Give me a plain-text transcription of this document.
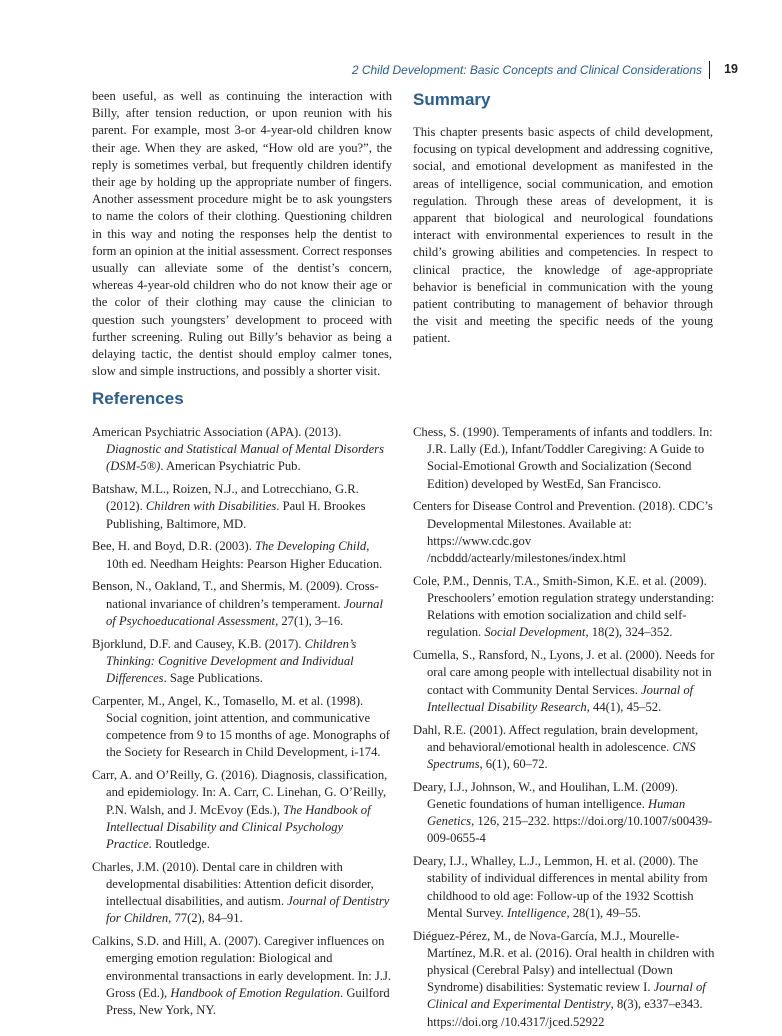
2 Child Development: Basic Concepts and Clinical Considerations 19

been useful, as well as continuing the interaction with Billy, after tension reduction, or upon reunion with his parent. For example, most 3-or 4-year-old children know their age. When they are asked, “How old are you?”, the reply is sometimes verbal, but frequently children identify their age by holding up the appropriate number of fingers. Another assessment procedure might be to ask youngsters to name the colors of their clothing. Questioning children in this way and noting the responses help the dentist to form an opinion at the initial assessment. Correct responses usually can alleviate some of the dentist’s concern, whereas 4-year-old children who do not know their age or the color of their clothing may cause the clinician to question such youngsters’ development to proceed with further screening. Ruling out Billy’s behavior as being a delaying tactic, the dentist should employ calmer tones, slow and simple instructions, and possibly a shorter visit.

Summary

This chapter presents basic aspects of child development, focusing on typical development and addressing cognitive, social, and emotional development as manifested in the areas of intelligence, social communication, and emotion regulation. Through these areas of development, it is apparent that biological and neurological foundations interact with environmental experiences to result in the child’s growing abilities and competencies. In respect to clinical practice, the knowledge of age-appropriate behavior is beneficial in communication with the young patient contributing to management of behavior through the visit and meeting the specific needs of the young patient.

References
American Psychiatric Association (APA). (2013). Diagnostic and Statistical Manual of Mental Disorders (DSM-5®). American Psychiatric Pub.
Batshaw, M.L., Roizen, N.J., and Lotrecchiano, G.R. (2012). Children with Disabilities. Paul H. Brookes Publishing, Baltimore, MD.
Bee, H. and Boyd, D.R. (2003). The Developing Child, 10th ed. Needham Heights: Pearson Higher Education.
Benson, N., Oakland, T., and Shermis, M. (2009). Cross-national invariance of children’s temperament. Journal of Psychoeducational Assessment, 27(1), 3–16.
Bjorklund, D.F. and Causey, K.B. (2017). Children’s Thinking: Cognitive Development and Individual Differences. Sage Publications.
Carpenter, M., Angel, K., Tomasello, M. et al. (1998). Social cognition, joint attention, and communicative competence from 9 to 15 months of age. Monographs of the Society for Research in Child Development, i-174.
Carr, A. and O’Reilly, G. (2016). Diagnosis, classification, and epidemiology. In: A. Carr, C. Linehan, G. O’Reilly, P.N. Walsh, and J. McEvoy (Eds.), The Handbook of Intellectual Disability and Clinical Psychology Practice. Routledge.
Charles, J.M. (2010). Dental care in children with developmental disabilities: Attention deficit disorder, intellectual disabilities, and autism. Journal of Dentistry for Children, 77(2), 84–91.
Calkins, S.D. and Hill, A. (2007). Caregiver influences on emerging emotion regulation: Biological and environmental transactions in early development. In: J.J. Gross (Ed.), Handbook of Emotion Regulation. Guilford Press, New York, NY.
Chess, S. (1990). Temperaments of infants and toddlers. In: J.R. Lally (Ed.), Infant/Toddler Caregiving: A Guide to Social-Emotional Growth and Socialization (Second Edition) developed by WestEd, San Francisco.
Centers for Disease Control and Prevention. (2018). CDC’s Developmental Milestones. Available at: https://www.cdc.gov /ncbddd/actearly/milestones/index.html
Cole, P.M., Dennis, T.A., Smith-Simon, K.E. et al. (2009). Preschoolers’ emotion regulation strategy understanding: Relations with emotion socialization and child self-regulation. Social Development, 18(2), 324–352.
Cumella, S., Ransford, N., Lyons, J. et al. (2000). Needs for oral care among people with intellectual disability not in contact with Community Dental Services. Journal of Intellectual Disability Research, 44(1), 45–52.
Dahl, R.E. (2001). Affect regulation, brain development, and behavioral/emotional health in adolescence. CNS Spectrums, 6(1), 60–72.
Deary, I.J., Johnson, W., and Houlihan, L.M. (2009). Genetic foundations of human intelligence. Human Genetics, 126, 215–232. https://doi.org/10.1007/s00439-009-0655-4
Deary, I.J., Whalley, L.J., Lemmon, H. et al. (2000). The stability of individual differences in mental ability from childhood to old age: Follow-up of the 1932 Scottish Mental Survey. Intelligence, 28(1), 49–55.
Diéguez-Pérez, M., de Nova-García, M.J., Mourelle-Martínez, M.R. et al. (2016). Oral health in children with physical (Cerebral Palsy) and intellectual (Down Syndrome) disabilities: Systematic review I. Journal of Clinical and Experimental Dentistry, 8(3), e337–e343. https://doi.org /10.4317/jced.52922
